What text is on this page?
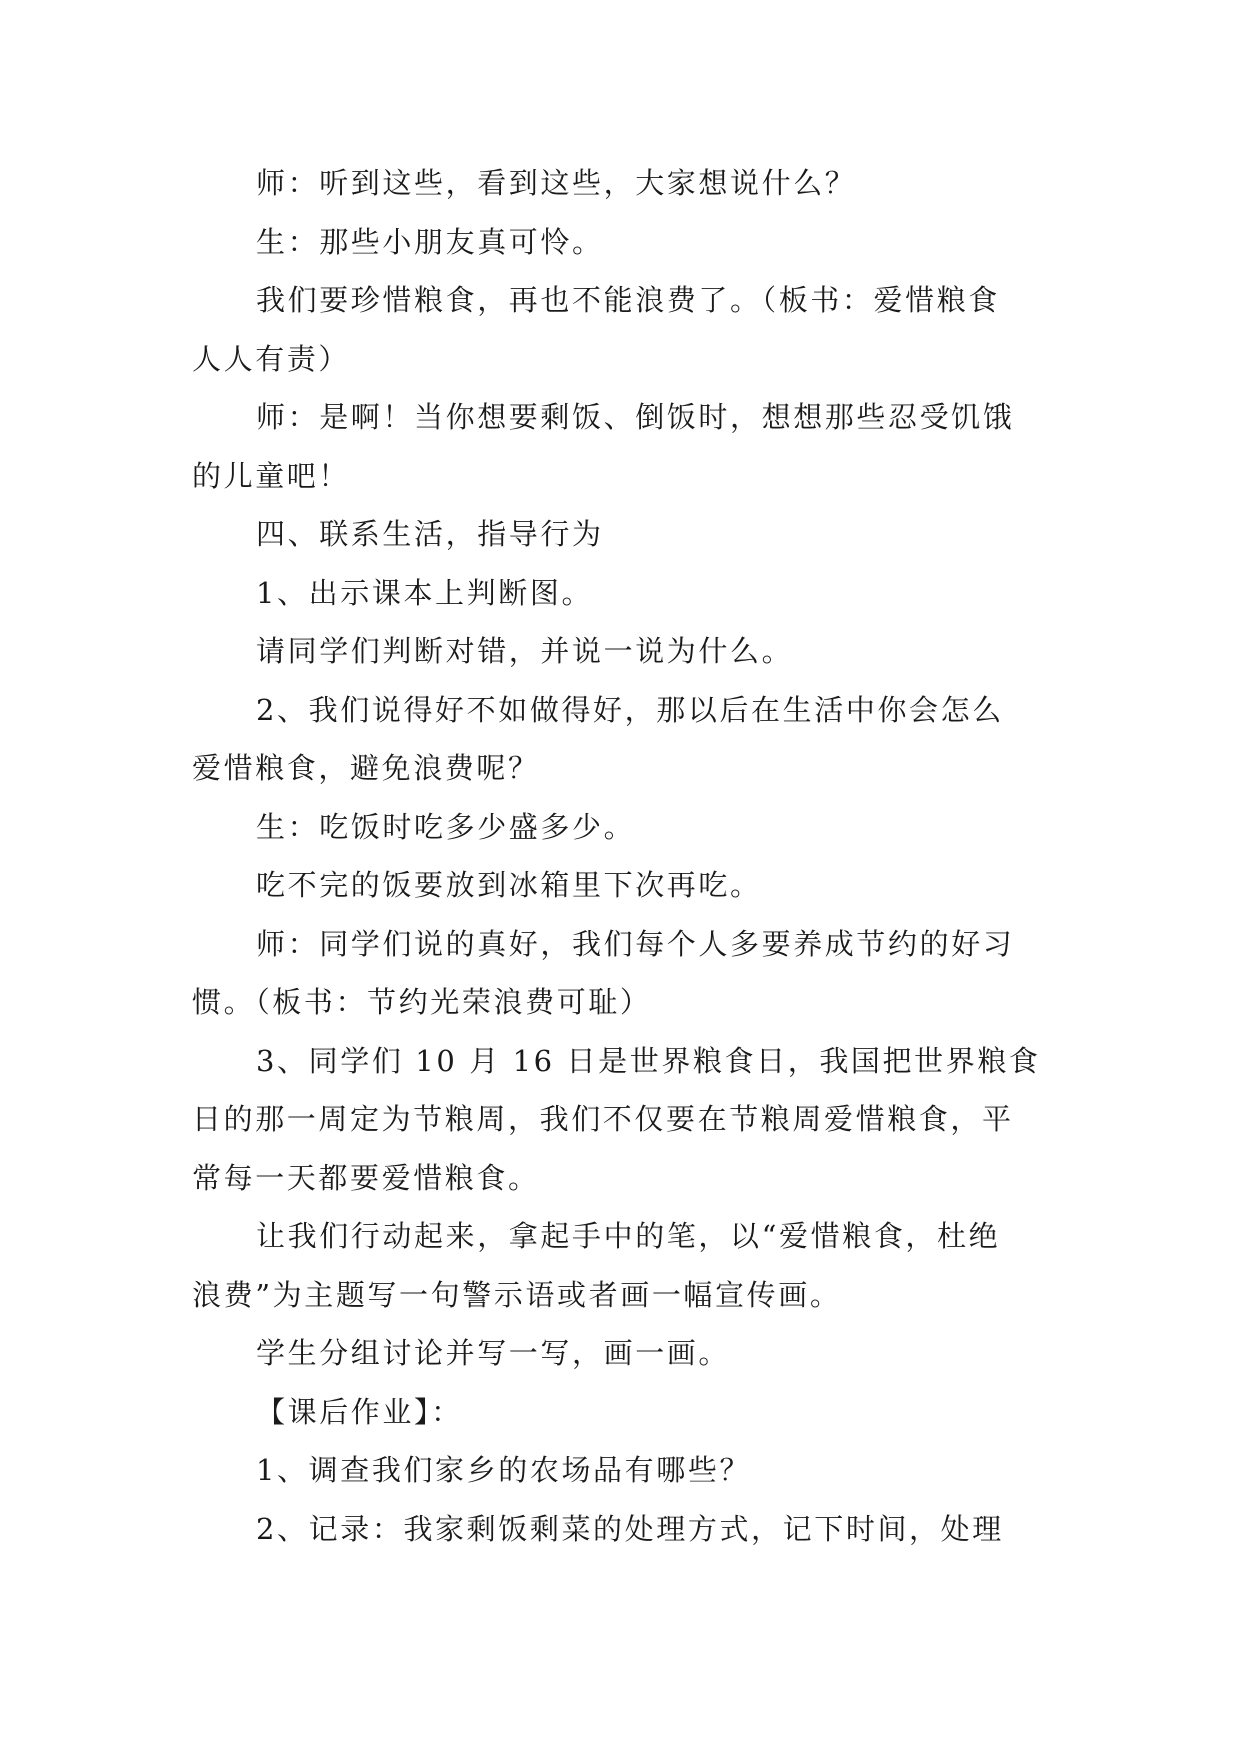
师：听到这些，看到这些，大家想说什么？

生：那些小朋友真可怜。

我们要珍惜粮食，再也不能浪费了。（板书：爱惜粮食

人人有责）

师：是啊！当你想要剩饭、倒饭时，想想那些忍受饥饿

的儿童吧！

四、联系生活，指导行为

1、出示课本上判断图。

请同学们判断对错，并说一说为什么。

2、我们说得好不如做得好，那以后在生活中你会怎么

爱惜粮食，避免浪费呢？

生：吃饭时吃多少盛多少。

吃不完的饭要放到冰箱里下次再吃。

师：同学们说的真好，我们每个人多要养成节约的好习

惯。（板书：节约光荣浪费可耻）

3、同学们 10 月 16 日是世界粮食日，我国把世界粮食

日的那一周定为节粮周，我们不仅要在节粮周爱惜粮食，平

常每一天都要爱惜粮食。

让我们行动起来，拿起手中的笔，以“爱惜粮食，杜绝

浪费”为主题写一句警示语或者画一幅宣传画。

学生分组讨论并写一写，画一画。

【课后作业】：

1、调查我们家乡的农场品有哪些？

2、记录：我家剩饭剩菜的处理方式，记下时间，处理
